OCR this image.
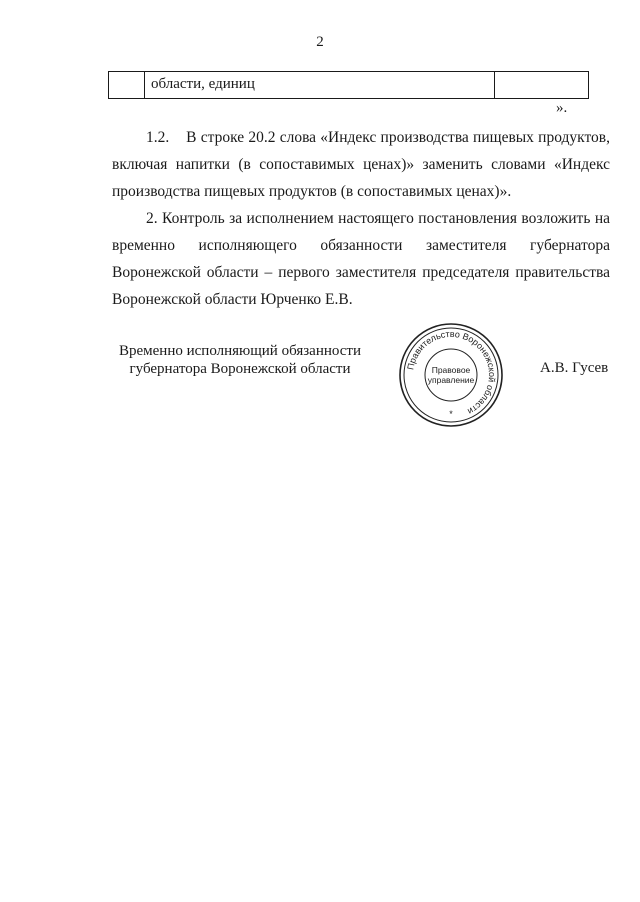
2
области, единиц
».

1.2.    В строке 20.2 слова «Индекс производства пищевых продуктов, включая напитки (в сопоставимых ценах)» заменить словами «Индекс производства пищевых продуктов (в сопоставимых ценах)».

2. Контроль за исполнением настоящего постановления возложить на временно исполняющего обязанности заместителя губернатора Воронежской области – первого заместителя председателя правительства Воронежской области Юрченко Е.В.

Временно исполняющий обязанности
губернатора Воронежской области	Правительство Воронежской области
Правовое
управление
*
А.В. Гусев
